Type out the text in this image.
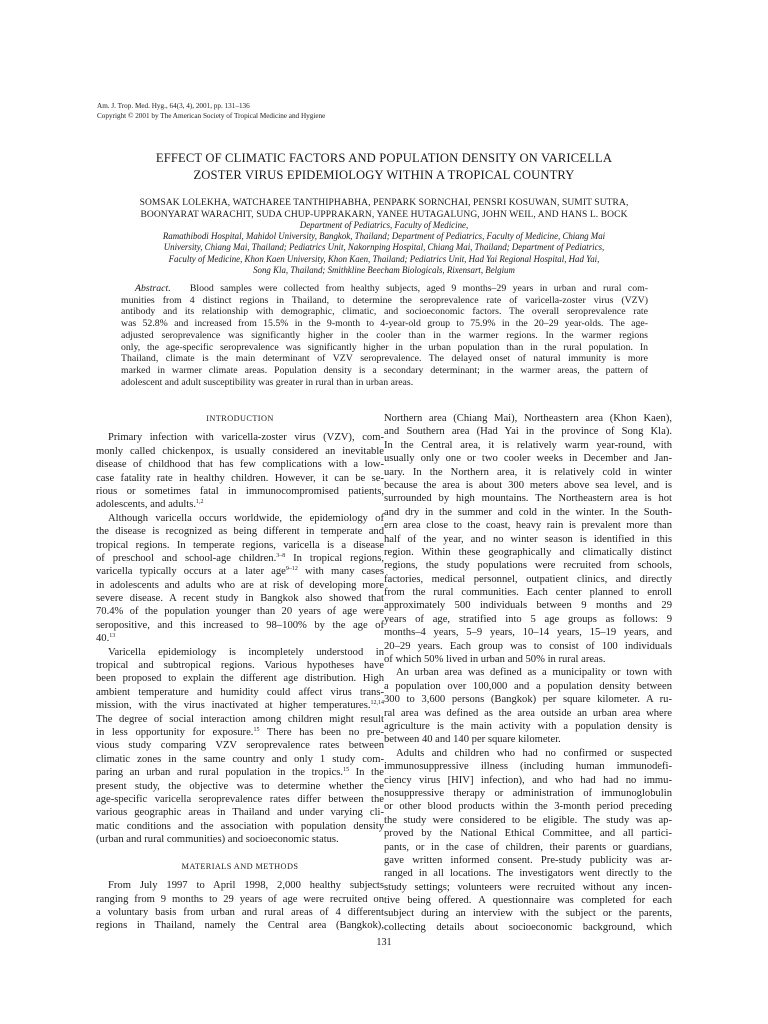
Am. J. Trop. Med. Hyg., 64(3, 4), 2001, pp. 131–136
Copyright © 2001 by The American Society of Tropical Medicine and Hygiene
EFFECT OF CLIMATIC FACTORS AND POPULATION DENSITY ON VARICELLA
ZOSTER VIRUS EPIDEMIOLOGY WITHIN A TROPICAL COUNTRY
SOMSAK LOLEKHA, WATCHAREE TANTHIPHABHA, PENPARK SORNCHAI, PENSRI KOSUWAN, SUMIT SUTRA,
BOONYARAT WARACHIT, SUDA CHUP-UPPRAKARN, YANEE HUTAGALUNG, JOHN WEIL, AND HANS L. BOCK
Department of Pediatrics, Faculty of Medicine,
Ramathibodi Hospital, Mahidol University, Bangkok, Thailand; Department of Pediatrics, Faculty of Medicine, Chiang Mai
University, Chiang Mai, Thailand; Pediatrics Unit, Nakornping Hospital, Chiang Mai, Thailand; Department of Pediatrics,
Faculty of Medicine, Khon Kaen University, Khon Kaen, Thailand; Pediatrics Unit, Had Yai Regional Hospital, Had Yai,
Song Kla, Thailand; Smithkline Beecham Biologicals, Rixensart, Belgium
Abstract. Blood samples were collected from healthy subjects, aged 9 months–29 years in urban and rural com-
munities from 4 distinct regions in Thailand, to determine the seroprevalence rate of varicella-zoster virus (VZV)
antibody and its relationship with demographic, climatic, and socioeconomic factors. The overall seroprevalence rate
was 52.8% and increased from 15.5% in the 9-month to 4-year-old group to 75.9% in the 20–29 year-olds. The age-
adjusted seroprevalence was significantly higher in the cooler than in the warmer regions. In the warmer regions
only, the age-specific seroprevalence was significantly higher in the urban population than in the rural population. In
Thailand, climate is the main determinant of VZV seroprevalence. The delayed onset of natural immunity is more
marked in warmer climate areas. Population density is a secondary determinant; in the warmer areas, the pattern of
adolescent and adult susceptibility was greater in rural than in urban areas.
INTRODUCTION
Primary infection with varicella-zoster virus (VZV), com-
monly called chickenpox, is usually considered an inevitable
disease of childhood that has few complications with a low-
case fatality rate in healthy children. However, it can be se-
rious or sometimes fatal in immunocompromised patients,
adolescents, and adults.$^{1,2}$
Although varicella occurs worldwide, the epidemiology of
the disease is recognized as being different in temperate and
tropical regions. In temperate regions, varicella is a disease
of preschool and school-age children.$^{3-8}$ In tropical regions,
varicella typically occurs at a later age$^{9-12}$ with many cases
in adolescents and adults who are at risk of developing more
severe disease. A recent study in Bangkok also showed that
70.4% of the population younger than 20 years of age were
seropositive, and this increased to 98–100% by the age of
40.13
Varicella epidemiology is incompletely understood in
tropical and subtropical regions. Various hypotheses have
been proposed to explain the different age distribution. High
ambient temperature and humidity could affect virus trans-
mission, with the virus inactivated at higher temperatures.$^{12,14}$
The degree of social interaction among children might result
in less opportunity for exposure.$^{15}$ There has been no pre-
vious study comparing VZV seroprevalence rates between
climatic zones in the same country and only 1 study com-
paring an urban and rural population in the tropics.$^{15}$ In the
present study, the objective was to determine whether the
age-specific varicella seroprevalence rates differ between the
various geographic areas in Thailand and under varying cli-
matic conditions and the association with population density
(urban and rural communities) and socioeconomic status.
MATERIALS AND METHODS
From July 1997 to April 1998, 2,000 healthy subjects
ranging from 9 months to 29 years of age were recruited on
a voluntary basis from urban and rural areas of 4 different
regions in Thailand, namely the Central area (Bangkok),
Northern area (Chiang Mai), Northeastern area (Khon Kaen),
and Southern area (Had Yai in the province of Song Kla).
In the Central area, it is relatively warm year-round, with
usually only one or two cooler weeks in December and Jan-
uary. In the Northern area, it is relatively cold in winter
because the area is about 300 meters above sea level, and is
surrounded by high mountains. The Northeastern area is hot
and dry in the summer and cold in the winter. In the South-
ern area close to the coast, heavy rain is prevalent more than
half of the year, and no winter season is identified in this
region. Within these geographically and climatically distinct
regions, the study populations were recruited from schools,
factories, medical personnel, outpatient clinics, and directly
from the rural communities. Each center planned to enroll
approximately 500 individuals between 9 months and 29
years of age, stratified into 5 age groups as follows: 9
months–4 years, 5–9 years, 10–14 years, 15–19 years, and
20–29 years. Each group was to consist of 100 individuals
of which 50% lived in urban and 50% in rural areas.
An urban area was defined as a municipality or town with
a population over 100,000 and a population density between
300 to 3,600 persons (Bangkok) per square kilometer. A ru-
ral area was defined as the area outside an urban area where
agriculture is the main activity with a population density is
between 40 and 140 per square kilometer.
Adults and children who had no confirmed or suspected
immunosuppressive illness (including human immunodefi-
ciency virus [HIV] infection), and who had had no immu-
nosuppressive therapy or administration of immunoglobulin
or other blood products within the 3-month period preceding
the study were considered to be eligible. The study was ap-
proved by the National Ethical Committee, and all partici-
pants, or in the case of children, their parents or guardians,
gave written informed consent. Pre-study publicity was ar-
ranged in all locations. The investigators went directly to the
study settings; volunteers were recruited without any incen-
tive being offered. A questionnaire was completed for each
subject during an interview with the subject or the parents,
collecting details about socioeconomic background, which
131
